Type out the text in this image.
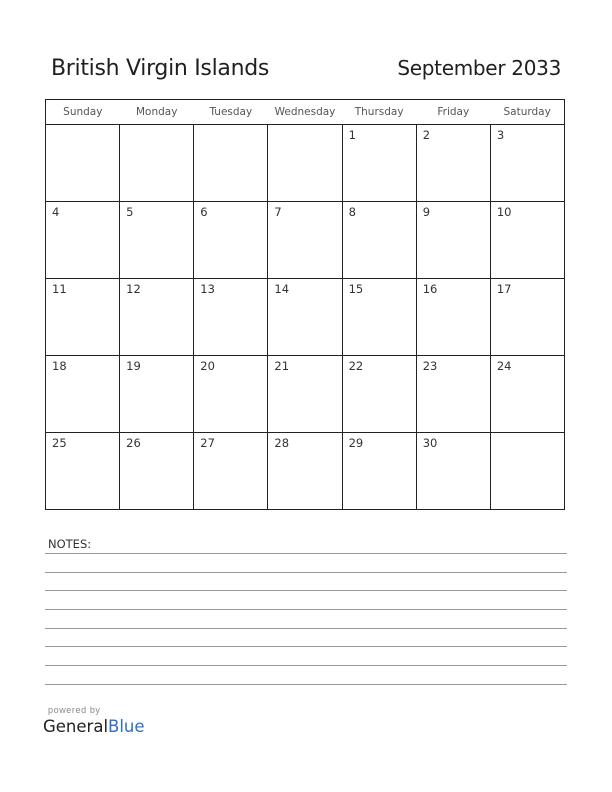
British Virgin Islands	September 2033
Sunday	Monday	Tuesday	Wednesday	Thursday	Friday	Saturday

				1	2	3

4	5	6	7	8	9	10

11	12	13	14	15	16	17

18	19	20	21	22	23	24

25	26	27	28	29	30	

NOTES:
powered by
GeneralBlue
